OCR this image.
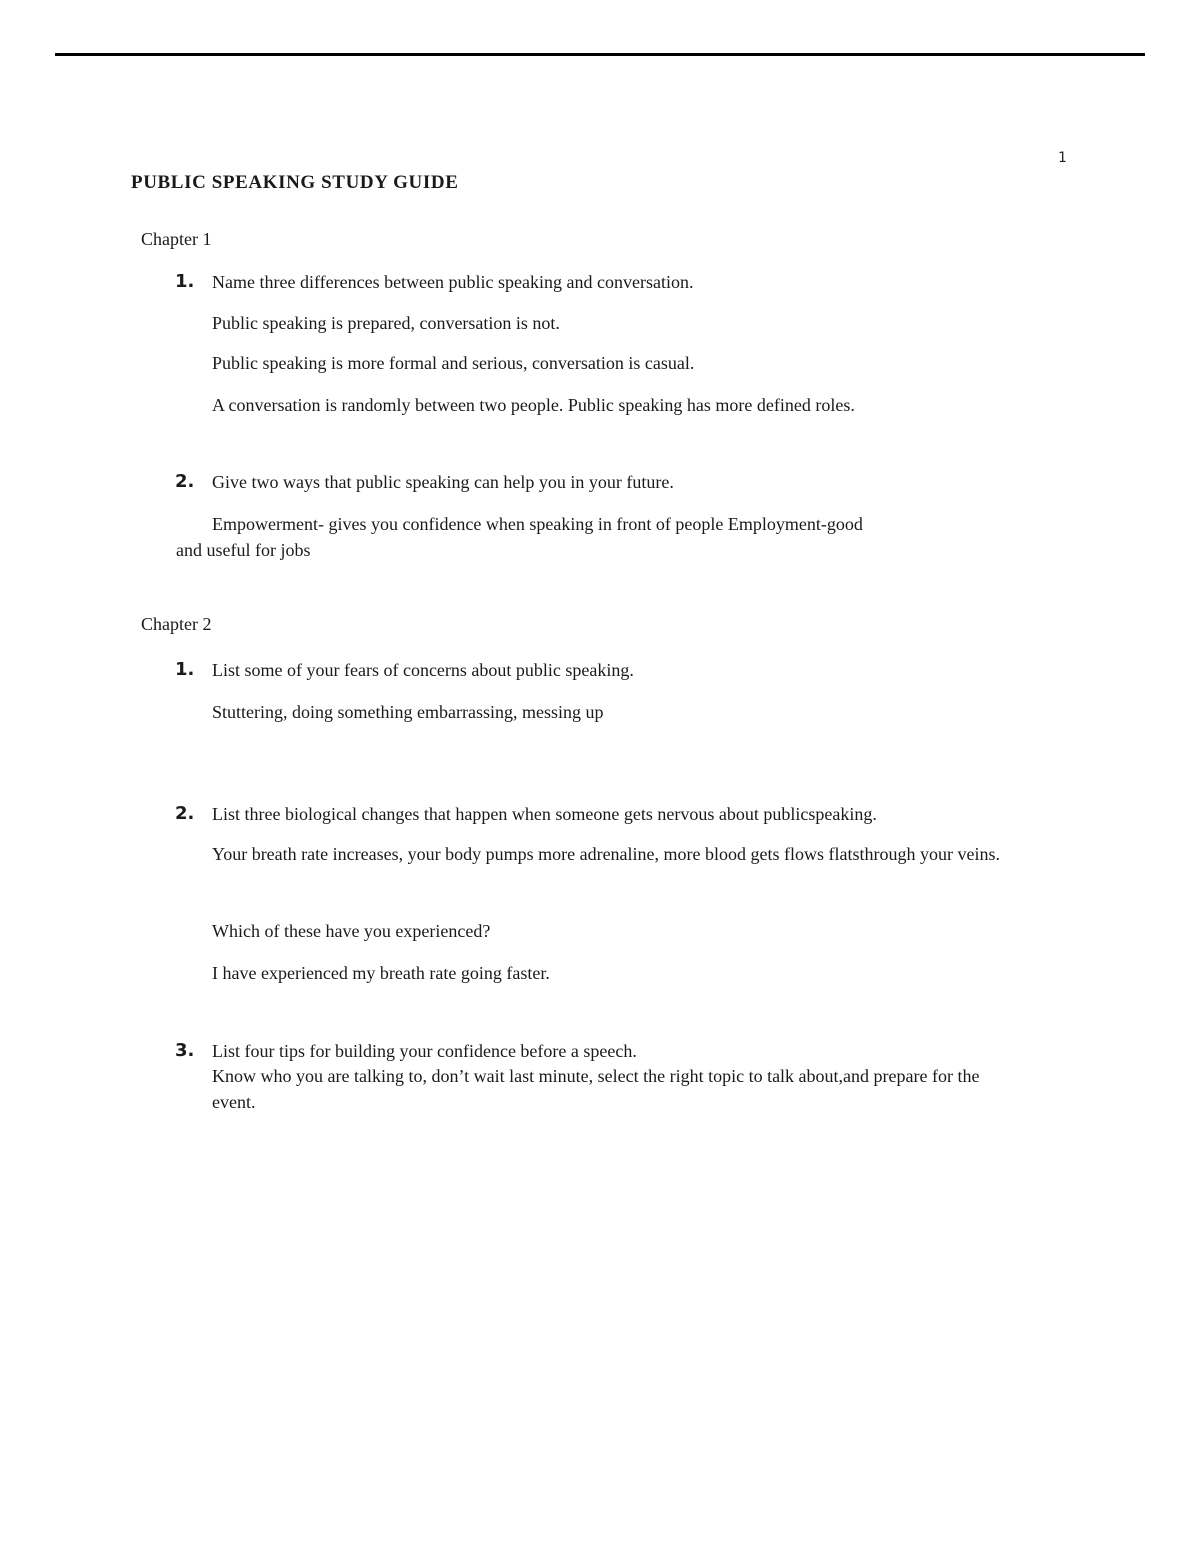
1
PUBLIC SPEAKING STUDY GUIDE
Chapter 1
1. Name three differences between public speaking and conversation.
Public speaking is prepared, conversation is not.
Public speaking is more formal and serious, conversation is casual.
A conversation is randomly between two people. Public speaking has more defined roles.
2. Give two ways that public speaking can help you in your future.
Empowerment- gives you confidence when speaking in front of people Employment-good
and useful for jobs
Chapter 2
1. List some of your fears of concerns about public speaking.
Stuttering, doing something embarrassing, messing up
2. List three biological changes that happen when someone gets nervous about publicspeaking.
Your breath rate increases, your body pumps more adrenaline, more blood gets flows flatsthrough your veins.
Which of these have you experienced?
I have experienced my breath rate going faster.
3. List four tips for building your confidence before a speech.
Know who you are talking to, don’t wait last minute, select the right topic to talk about,and prepare for the event.
